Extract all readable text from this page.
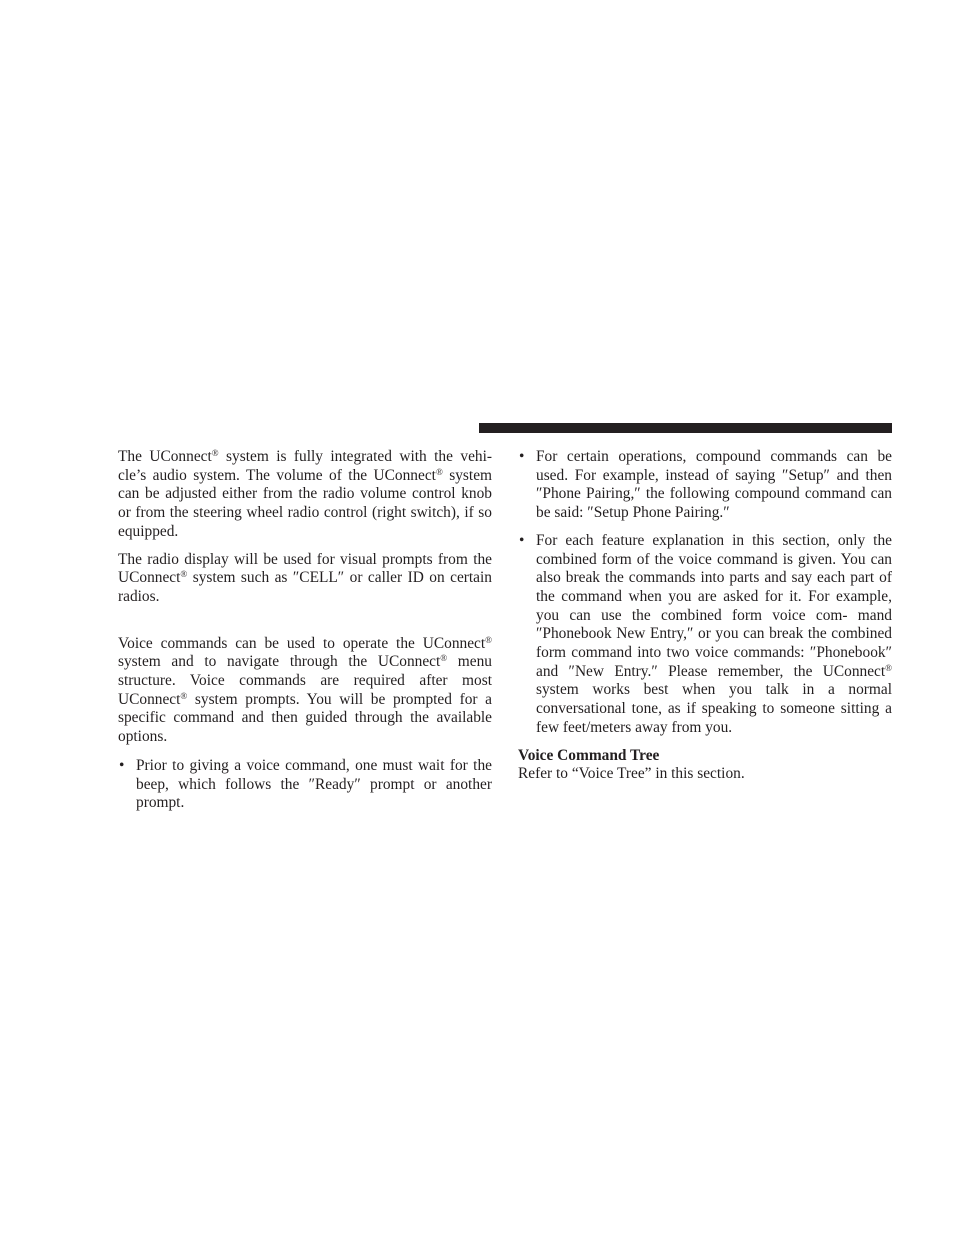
The UConnect® system is fully integrated with the vehi- cle’s audio system. The volume of the UConnect® system can be adjusted either from the radio volume control knob or from the steering wheel radio control (right switch), if so equipped.

The radio display will be used for visual prompts from the UConnect® system such as ″CELL″ or caller ID on certain radios.

Voice commands can be used to operate the UConnect® system and to navigate through the UConnect® menu structure. Voice commands are required after most UConnect® system prompts. You will be prompted for a specific command and then guided through the available options.

• Prior to giving a voice command, one must wait for the beep, which follows the ″Ready″ prompt or another prompt.

• For certain operations, compound commands can be used. For example, instead of saying ″Setup″ and then ″Phone Pairing,″ the following compound command can be said: ″Setup Phone Pairing.″

• For each feature explanation in this section, only the combined form of the voice command is given. You can also break the commands into parts and say each part of the command when you are asked for it. For example, you can use the combined form voice com- mand ″Phonebook New Entry,″ or you can break the combined form command into two voice commands: ″Phonebook″ and ″New Entry.″ Please remember, the UConnect® system works best when you talk in a normal conversational tone, as if speaking to someone sitting a few feet/meters away from you.

Voice Command Tree

Refer to “Voice Tree” in this section.
